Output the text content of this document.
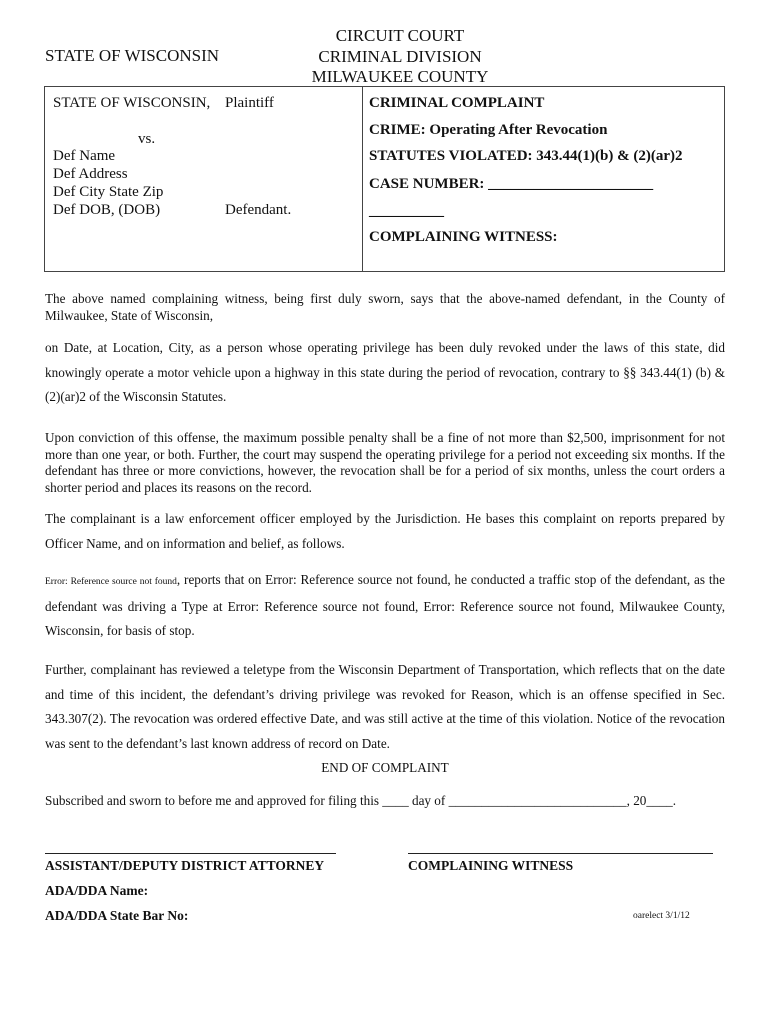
STATE OF WISCONSIN
CIRCUIT COURT
CRIMINAL DIVISION
MILWAUKEE COUNTY
STATE OF WISCONSIN, Plaintiff
vs.
Def Name
Def Address
Def City State Zip
Def DOB, (DOB)	Defendant.
CRIMINAL COMPLAINT
CRIME: Operating After Revocation
STATUTES VIOLATED: 343.44(1)(b) & (2)(ar)2
CASE NUMBER: ______________________
__________
COMPLAINING WITNESS:
The above named complaining witness, being first duly sworn, says that the above-named defendant, in the County of Milwaukee, State of Wisconsin,
on Date, at Location, City, as a person whose operating privilege has been duly revoked under the laws of this state, did knowingly operate a motor vehicle upon a highway in this state during the period of revocation, contrary to §§ 343.44(1) (b) & (2)(ar)2 of the Wisconsin Statutes.
Upon conviction of this offense, the maximum possible penalty shall be a fine of not more than $2,500, imprisonment for not more than one year, or both. Further, the court may suspend the operating privilege for a period not exceeding six months. If the defendant has three or more convictions, however, the revocation shall be for a period of six months, unless the court orders a shorter period and places its reasons on the record.
The complainant is a law enforcement officer employed by the Jurisdiction. He bases this complaint on reports prepared by Officer Name, and on information and belief, as follows.
Error: Reference source not found, reports that on Error: Reference source not found, he conducted a traffic stop of the defendant, as the defendant was driving a Type at Error: Reference source not found, Error: Reference source not found, Milwaukee County, Wisconsin, for basis of stop.
Further, complainant has reviewed a teletype from the Wisconsin Department of Transportation, which reflects that on the date and time of this incident, the defendant’s driving privilege was revoked for Reason, which is an offense specified in Sec. 343.307(2). The revocation was ordered effective Date, and was still active at the time of this violation. Notice of the revocation was sent to the defendant’s last known address of record on Date.
END OF COMPLAINT
Subscribed and sworn to before me and approved for filing this ____ day of ___________________________, 20____.
ASSISTANT/DEPUTY DISTRICT ATTORNEY	COMPLAINING WITNESS
ADA/DDA Name:
ADA/DDA State Bar No:	oarelect 3/1/12
